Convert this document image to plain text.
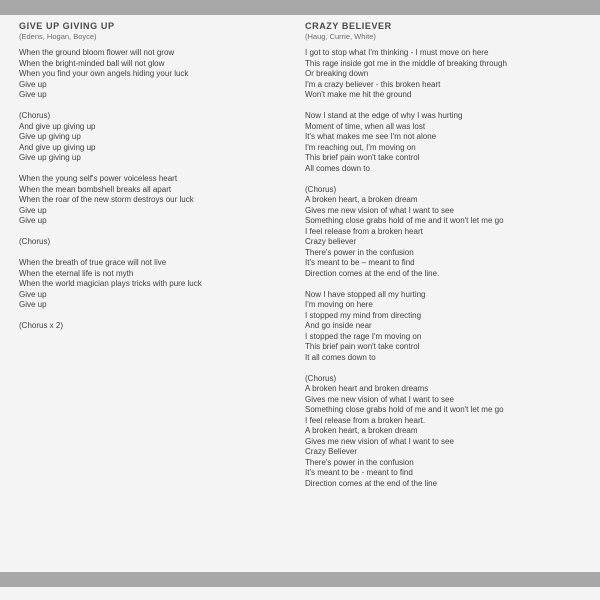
GIVE UP GIVING UP
(Edens, Hogan, Boyce)
When the ground bloom flower will not grow
When the bright-minded ball will not glow
When you find your own angels hiding your luck
Give up
Give up
(Chorus)
And give up giving up
Give up giving up
And give up giving up
Give up giving up
When the young self's power voiceless heart
When the mean bombshell breaks all apart
When the roar of the new storm destroys our luck
Give up
Give up
(Chorus)
When the breath of true grace will not live
When the eternal life is not myth
When the world magician plays tricks with pure luck
Give up
Give up
(Chorus x 2)
CRAZY BELIEVER
(Haug, Currie, White)
I got to stop what I'm thinking - I must move on here
This rage inside got me in the middle of breaking through
Or breaking down
I'm a crazy believer - this broken heart
Won't make me hit the ground
Now I stand at the edge of why I was hurting
Moment of time, when all was lost
It's what makes me see I'm not alone
I'm reaching out, I'm moving on
This brief pain won't take control
All comes down to
(Chorus)
A broken heart, a broken dream
Gives me new vision of what I want to see
Something close grabs hold of me and it won't let me go
I feel release from a broken heart
Crazy believer
There's power in the confusion
It's meant to be – meant to find
Direction comes at the end of the line.
Now I have stopped all my hurting
I'm moving on here
I stopped my mind from directing
And go inside near
I stopped the rage I'm moving on
This brief pain won't take control
It all comes down to
(Chorus)
A broken heart and broken dreams
Gives me new vision of what I want to see
Something close grabs hold of me and it won't let me go
I feel release from a broken heart.
A broken heart, a broken dream
Gives me new vision of what I want to see
Crazy Believer
There's power in the confusion
It's meant to be - meant to find
Direction comes at the end of the line
